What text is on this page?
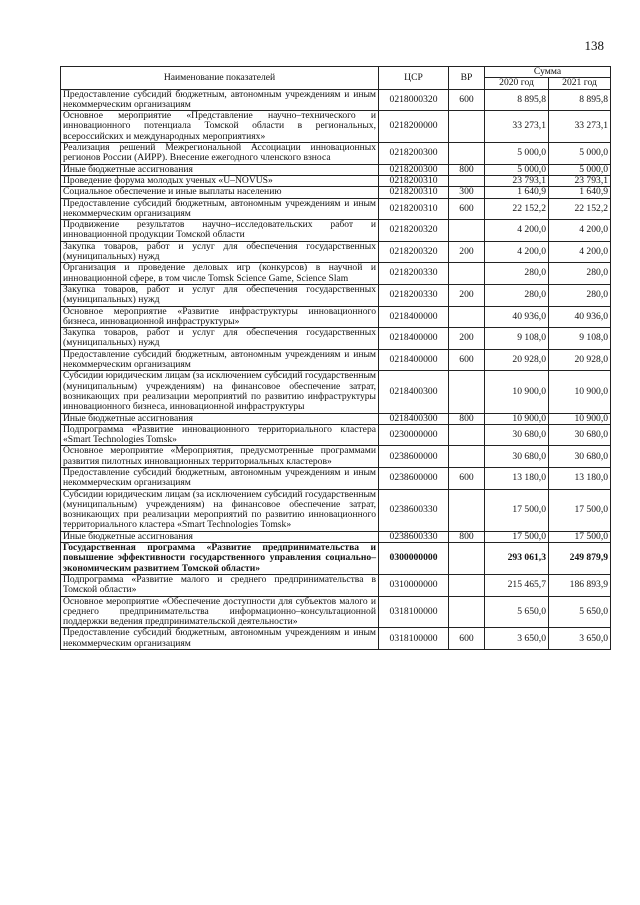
138
Наименование показателей	ЦСР	ВР	Сумма	
			2020 год	2021 год
Предоставление субсидий бюджетным, автономным учреждениям и иным некоммерческим организациям	0218000320	600	8 895,8	8 895,8
Основное мероприятие «Представление научно–технического и инновационного потенциала Томской области в региональных, всероссийских и международных мероприятиях»	0218200000		33 273,1	33 273,1
Реализация решений Межрегиональной Ассоциации инновационных регионов России (АИРР). Внесение ежегодного членского взноса	0218200300		5 000,0	5 000,0
Иные бюджетные ассигнования	0218200300	800	5 000,0	5 000,0
Проведение форума молодых ученых «U–NOVUS»	0218200310		23 793,1	23 793,1
Социальное обеспечение и иные выплаты населению	0218200310	300	1 640,9	1 640,9
Предоставление субсидий бюджетным, автономным учреждениям и иным некоммерческим организациям	0218200310	600	22 152,2	22 152,2
Продвижение результатов научно–исследовательских работ и инновационной продукции Томской области	0218200320		4 200,0	4 200,0
Закупка товаров, работ и услуг для обеспечения государственных (муниципальных) нужд	0218200320	200	4 200,0	4 200,0
Организация и проведение деловых игр (конкурсов) в научной и инновационной сфере, в том числе Tomsk Science Game, Science Slam	0218200330		280,0	280,0
Закупка товаров, работ и услуг для обеспечения государственных (муниципальных) нужд	0218200330	200	280,0	280,0
Основное мероприятие «Развитие инфраструктуры инновационного бизнеса, инновационной инфраструктуры»	0218400000		40 936,0	40 936,0
Закупка товаров, работ и услуг для обеспечения государственных (муниципальных) нужд	0218400000	200	9 108,0	9 108,0
Предоставление субсидий бюджетным, автономным учреждениям и иным некоммерческим организациям	0218400000	600	20 928,0	20 928,0
Субсидии юридическим лицам (за исключением субсидий государственным (муниципальным) учреждениям) на финансовое обеспечение затрат, возникающих при реализации мероприятий по развитию инфраструктуры инновационного бизнеса, инновационной инфраструктуры	0218400300		10 900,0	10 900,0
Иные бюджетные ассигнования	0218400300	800	10 900,0	10 900,0
Подпрограмма «Развитие инновационного территориального кластера «Smart Technologies Tomsk»	0230000000		30 680,0	30 680,0
Основное мероприятие «Мероприятия, предусмотренные программами развития пилотных инновационных территориальных кластеров»	0238600000		30 680,0	30 680,0
Предоставление субсидий бюджетным, автономным учреждениям и иным некоммерческим организациям	0238600000	600	13 180,0	13 180,0
Субсидии юридическим лицам (за исключением субсидий государственным (муниципальным) учреждениям) на финансовое обеспечение затрат, возникающих при реализации мероприятий по развитию инновационного территориального кластера «Smart Technologies Tomsk»	0238600330		17 500,0	17 500,0
Иные бюджетные ассигнования	0238600330	800	17 500,0	17 500,0
Государственная программа «Развитие предпринимательства и повышение эффективности государственного управления социально–экономическим развитием Томской области»	0300000000		293 061,3	249 879,9
Подпрограмма «Развитие малого и среднего предпринимательства в Томской области»	0310000000		215 465,7	186 893,9
Основное мероприятие «Обеспечение доступности для субъектов малого и среднего предпринимательства информационно–консультационной поддержки ведения предпринимательской деятельности»	0318100000		5 650,0	5 650,0
Предоставление субсидий бюджетным, автономным учреждениям и иным некоммерческим организациям	0318100000	600	3 650,0	3 650,0
